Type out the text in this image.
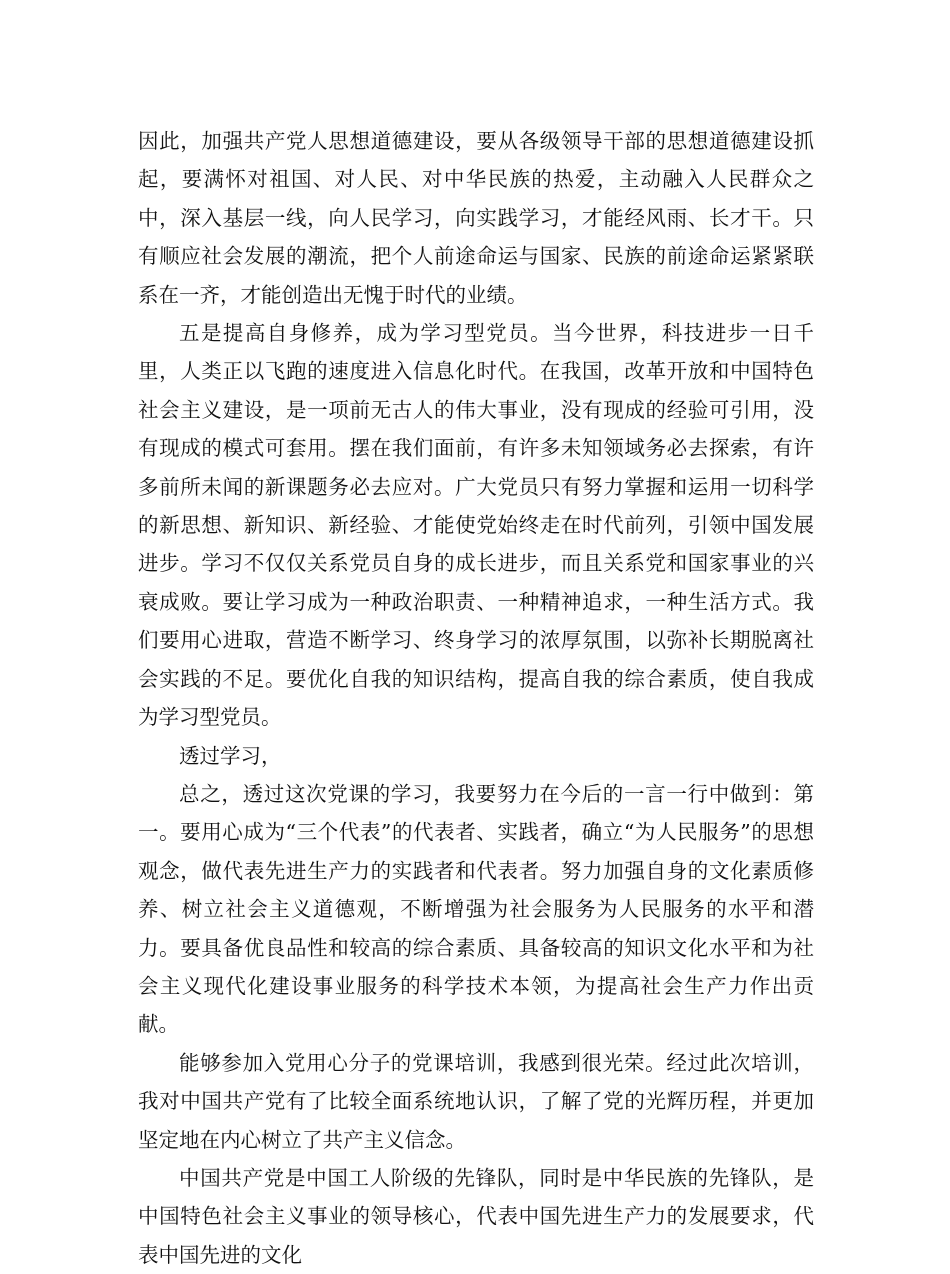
因此，加强共产党人思想道德建设，要从各级领导干部的思想道德建设抓起，要满怀对祖国、对人民、对中华民族的热爱，主动融入人民群众之中，深入基层一线，向人民学习，向实践学习，才能经风雨、长才干。只有顺应社会发展的潮流，把个人前途命运与国家、民族的前途命运紧紧联系在一齐，才能创造出无愧于时代的业绩。

五是提高自身修养，成为学习型党员。当今世界，科技进步一日千里，人类正以飞跑的速度进入信息化时代。在我国，改革开放和中国特色社会主义建设，是一项前无古人的伟大事业，没有现成的经验可引用，没有现成的模式可套用。摆在我们面前，有许多未知领域务必去探索，有许多前所未闻的新课题务必去应对。广大党员只有努力掌握和运用一切科学的新思想、新知识、新经验、才能使党始终走在时代前列，引领中国发展进步。学习不仅仅关系党员自身的成长进步，而且关系党和国家事业的兴衰成败。要让学习成为一种政治职责、一种精神追求，一种生活方式。我们要用心进取，营造不断学习、终身学习的浓厚氛围，以弥补长期脱离社会实践的不足。要优化自我的知识结构，提高自我的综合素质，使自我成为学习型党员。

透过学习，

总之，透过这次党课的学习，我要努力在今后的一言一行中做到：第一。要用心成为“三个代表”的代表者、实践者，确立“为人民服务”的思想观念，做代表先进生产力的实践者和代表者。努力加强自身的文化素质修养、树立社会主义道德观，不断增强为社会服务为人民服务的水平和潜力。要具备优良品性和较高的综合素质、具备较高的知识文化水平和为社会主义现代化建设事业服务的科学技术本领，为提高社会生产力作出贡献。

能够参加入党用心分子的党课培训，我感到很光荣。经过此次培训，我对中国共产党有了比较全面系统地认识，了解了党的光辉历程，并更加坚定地在内心树立了共产主义信念。

中国共产党是中国工人阶级的先锋队，同时是中华民族的先锋队，是中国特色社会主义事业的领导核心，代表中国先进生产力的发展要求，代表中国先进的文化
